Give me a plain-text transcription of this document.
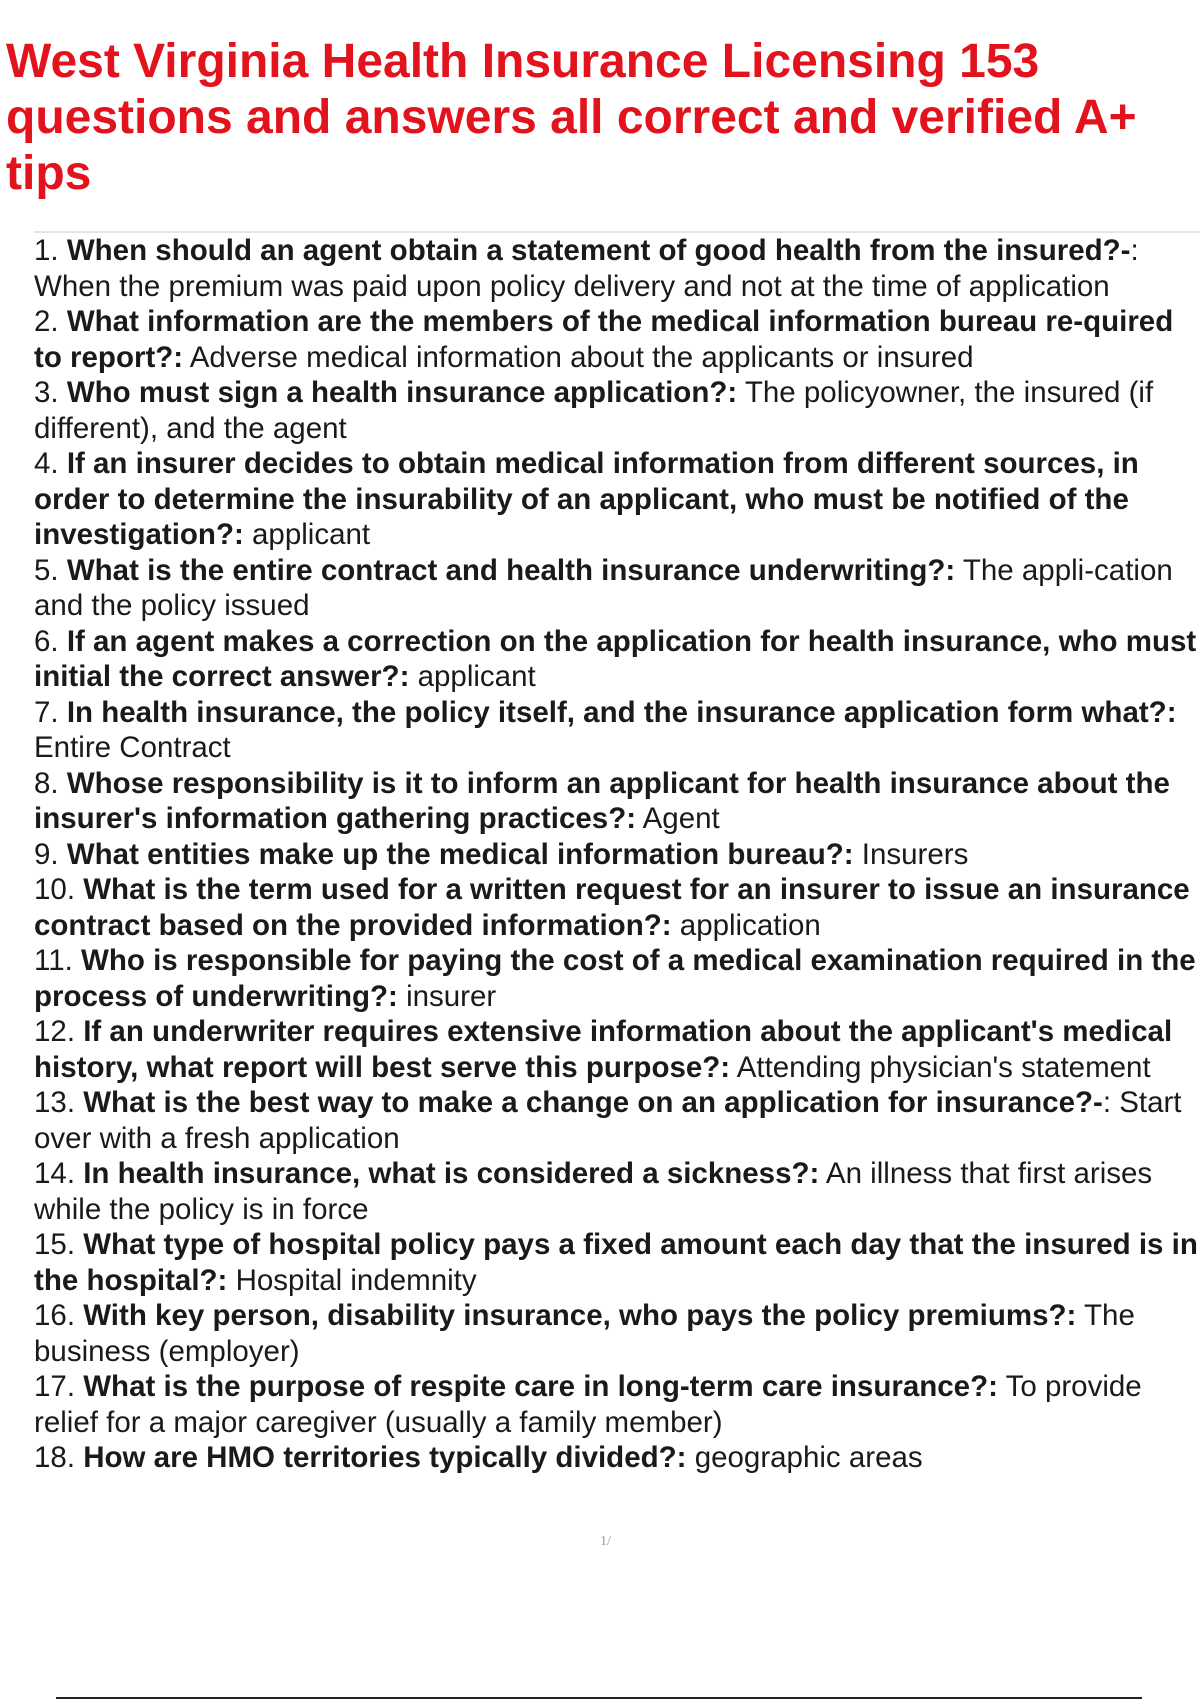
West Virginia Health Insurance Licensing 153 questions and answers all correct and verified A+ tips
1. When should an agent obtain a statement of good health from the insured?-: When the premium was paid upon policy delivery and not at the time of application
2. What information are the members of the medical information bureau re-quired to report?: Adverse medical information about the applicants or insured
3. Who must sign a health insurance application?: The policyowner, the insured (if different), and the agent
4. If an insurer decides to obtain medical information from different sources, in order to determine the insurability of an applicant, who must be notified of the investigation?: applicant
5. What is the entire contract and health insurance underwriting?: The appli-cation and the policy issued
6. If an agent makes a correction on the application for health insurance, who must initial the correct answer?: applicant
7. In health insurance, the policy itself, and the insurance application form what?: Entire Contract
8. Whose responsibility is it to inform an applicant for health insurance about the insurer's information gathering practices?: Agent
9. What entities make up the medical information bureau?: Insurers
10. What is the term used for a written request for an insurer to issue an insurance contract based on the provided information?: application
11. Who is responsible for paying the cost of a medical examination required in the process of underwriting?: insurer
12. If an underwriter requires extensive information about the applicant's medical history, what report will best serve this purpose?: Attending physician's statement
13. What is the best way to make a change on an application for insurance?-: Start over with a fresh application
14. In health insurance, what is considered a sickness?: An illness that first arises while the policy is in force
15. What type of hospital policy pays a fixed amount each day that the insured is in the hospital?: Hospital indemnity
16. With key person, disability insurance, who pays the policy premiums?: The business (employer)
17. What is the purpose of respite care in long-term care insurance?: To provide relief for a major caregiver (usually a family member)
18. How are HMO territories typically divided?: geographic areas
1/
